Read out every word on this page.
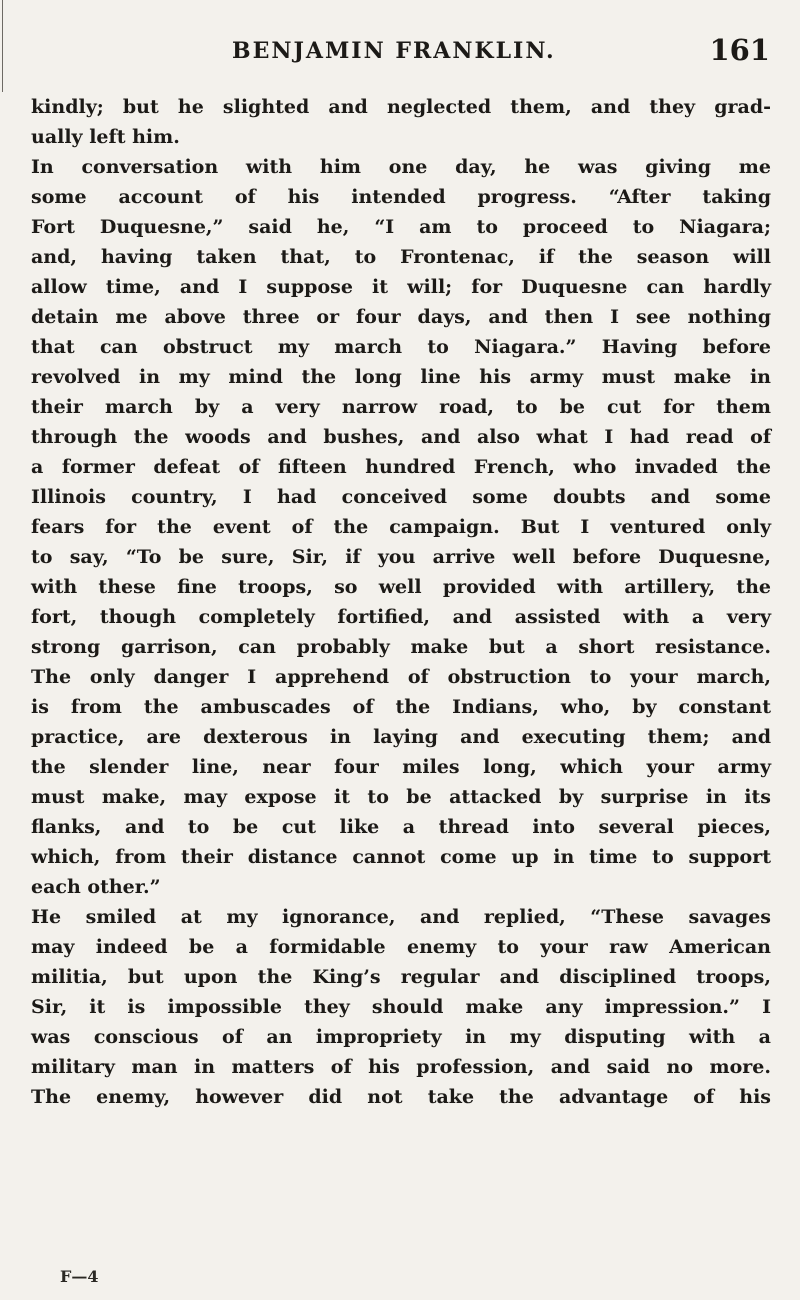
BENJAMIN FRANKLIN.	161
kindly; but he slighted and neglected them, and they grad-
ually left him.
In conversation with him one day, he was giving me
some account of his intended progress. “After taking
Fort Duquesne,” said he, “I am to proceed to Niagara;
and, having taken that, to Frontenac, if the season will
allow time, and I suppose it will; for Duquesne can hardly
detain me above three or four days, and then I see nothing
that can obstruct my march to Niagara.” Having before
revolved in my mind the long line his army must make in
their march by a very narrow road, to be cut for them
through the woods and bushes, and also what I had read of
a former defeat of fifteen hundred French, who invaded the
Illinois country, I had conceived some doubts and some
fears for the event of the campaign. But I ventured only
to say, “To be sure, Sir, if you arrive well before Duquesne,
with these fine troops, so well provided with artillery, the
fort, though completely fortified, and assisted with a very
strong garrison, can probably make but a short resistance.
The only danger I apprehend of obstruction to your march,
is from the ambuscades of the Indians, who, by constant
practice, are dexterous in laying and executing them; and
the slender line, near four miles long, which your army
must make, may expose it to be attacked by surprise in its
flanks, and to be cut like a thread into several pieces,
which, from their distance cannot come up in time to support
each other.”
He smiled at my ignorance, and replied, “These savages
may indeed be a formidable enemy to your raw American
militia, but upon the King’s regular and disciplined troops,
Sir, it is impossible they should make any impression.” I
was conscious of an impropriety in my disputing with a
military man in matters of his profession, and said no more.
The enemy, however did not take the advantage of his
F—4
